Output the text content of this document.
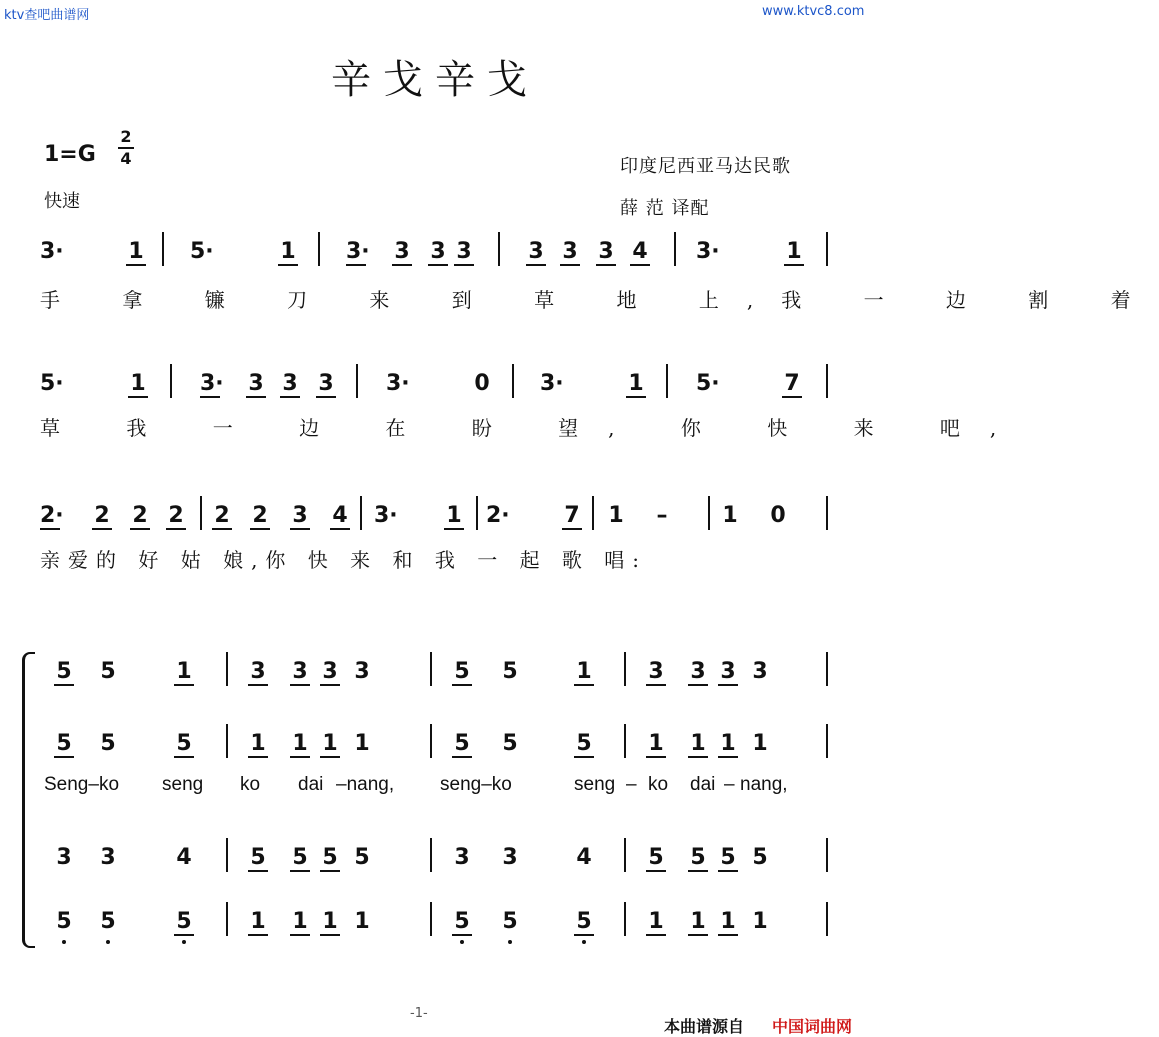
ktv查吧曲谱网	www.ktvc8.com
辛戈辛戈
1=G
2
4
快速
印度尼西亚马达民歌
薛 范 译配
3·	1 5·	1 3· 3 3 3	3 3 3 4 3·	1
手 拿 镰 刀 来 到 草 地 上,我 一 边 割 着
5·	1 3· 3 3 3 3·	0 3·	1 5·	7
草 我 一 边 在 盼 望, 你 快 来 吧,
2· 2 2 2 2 2 3 4 3· 1 2· 7 1 – 1 0
亲爱的 好 姑 娘,你 快 来 和 我 一 起 歌 唱:
5 5	1	3 3 3 3	5 5	1	3 3 3 3
5 5	5	1 1 1 1	5 5	5	1 1 1 1
Seng–ko seng ko dai –nang, seng–ko	seng – ko dai – nang,
3 3	4	5 5 5 5	3 3	4	5 5 5 5
5 5	5	1 1 1 1	5 5	5	1 1 1 1
-1-
本曲谱源自 中国词曲网
